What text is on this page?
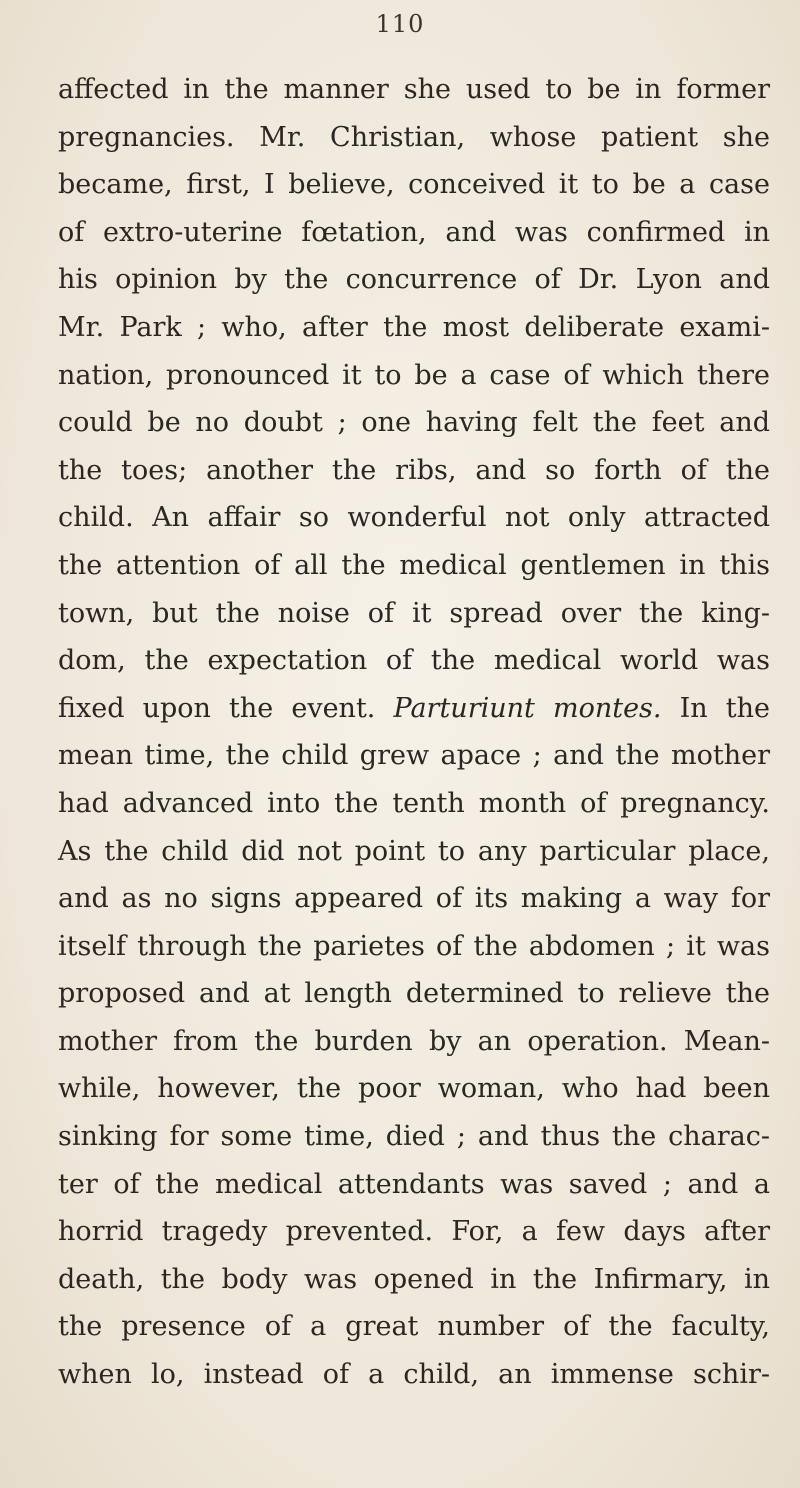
110
affected in the manner she used to be in former
pregnancies. Mr. Christian, whose patient she
became, first, I believe, conceived it to be a case
of extro-uterine fœtation, and was confirmed in
his opinion by the concurrence of Dr. Lyon and
Mr. Park ; who, after the most deliberate exami-
nation, pronounced it to be a case of which there
could be no doubt ; one having felt the feet and
the toes; another the ribs, and so forth of the
child. An affair so wonderful not only attracted
the attention of all the medical gentlemen in this
town, but the noise of it spread over the king-
dom, the expectation of the medical world was
fixed upon the event. Parturiunt montes. In the
mean time, the child grew apace ; and the mother
had advanced into the tenth month of pregnancy.
As the child did not point to any particular place,
and as no signs appeared of its making a way for
itself through the parietes of the abdomen ; it was
proposed and at length determined to relieve the
mother from the burden by an operation. Mean-
while, however, the poor woman, who had been
sinking for some time, died ; and thus the charac-
ter of the medical attendants was saved ; and a
horrid tragedy prevented. For, a few days after
death, the body was opened in the Infirmary, in
the presence of a great number of the faculty,
when lo, instead of a child, an immense schir-
